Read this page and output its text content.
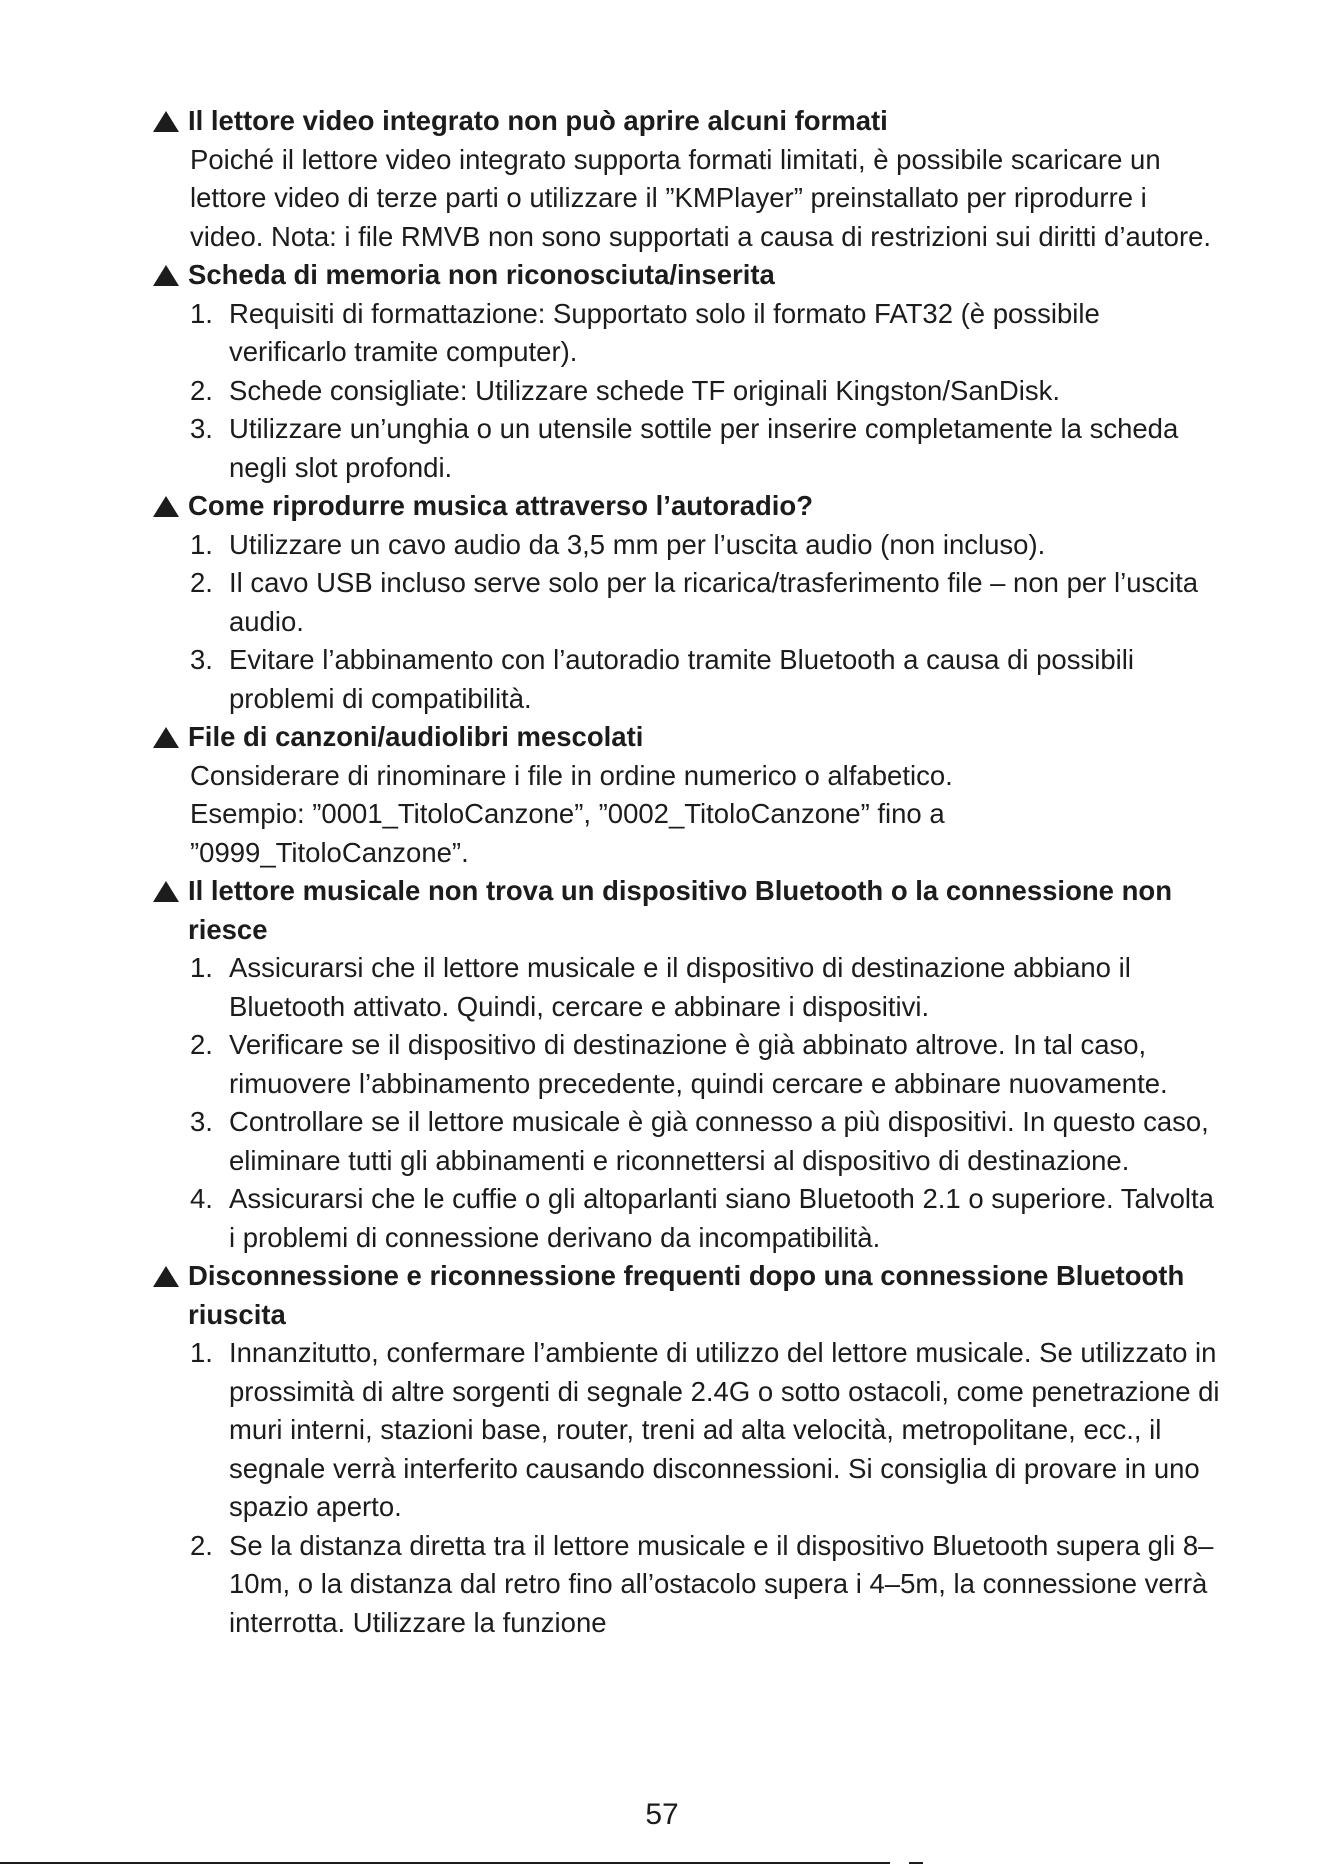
Il lettore video integrato non può aprire alcuni formati
Poiché il lettore video integrato supporta formati limitati, è possibile scaricare un lettore video di terze parti o utilizzare il ”KMPlayer” preinstallato per riprodurre i video. Nota: i file RMVB non sono supportati a causa di restrizioni sui diritti d’autore.
Scheda di memoria non riconosciuta/inserita
1. Requisiti di formattazione: Supportato solo il formato FAT32 (è possibile verificarlo tramite computer).
2. Schede consigliate: Utilizzare schede TF originali Kingston/SanDisk.
3. Utilizzare un’unghia o un utensile sottile per inserire completamente la scheda negli slot profondi.
Come riprodurre musica attraverso l’autoradio?
1. Utilizzare un cavo audio da 3,5 mm per l’uscita audio (non incluso).
2. Il cavo USB incluso serve solo per la ricarica/trasferimento file – non per l’uscita audio.
3. Evitare l’abbinamento con l’autoradio tramite Bluetooth a causa di possibili problemi di compatibilità.
File di canzoni/audiolibri mescolati
Considerare di rinominare i file in ordine numerico o alfabetico.
Esempio: ”0001_TitoloCanzone”, ”0002_TitoloCanzone” fino a ”0999_TitoloCanzone”.
Il lettore musicale non trova un dispositivo Bluetooth o la connessione non riesce
1. Assicurarsi che il lettore musicale e il dispositivo di destinazione abbiano il Bluetooth attivato. Quindi, cercare e abbinare i dispositivi.
2. Verificare se il dispositivo di destinazione è già abbinato altrove. In tal caso, rimuovere l’abbinamento precedente, quindi cercare e abbinare nuovamente.
3. Controllare se il lettore musicale è già connesso a più dispositivi. In questo caso, eliminare tutti gli abbinamenti e riconnettersi al dispositivo di destinazione.
4. Assicurarsi che le cuffie o gli altoparlanti siano Bluetooth 2.1 o superiore. Talvolta i problemi di connessione derivano da incompatibilità.
Disconnessione e riconnessione frequenti dopo una connessione Bluetooth riuscita
1. Innanzitutto, confermare l’ambiente di utilizzo del lettore musicale. Se utilizzato in prossimità di altre sorgenti di segnale 2.4G o sotto ostacoli, come penetrazione di muri interni, stazioni base, router, treni ad alta velocità, metropolitane, ecc., il segnale verrà interferito causando disconnessioni. Si consiglia di provare in uno spazio aperto.
2. Se la distanza diretta tra il lettore musicale e il dispositivo Bluetooth supera gli 8–10m, o la distanza dal retro fino all’ostacolo supera i 4–5m, la connessione verrà interrotta. Utilizzare la funzione
57
